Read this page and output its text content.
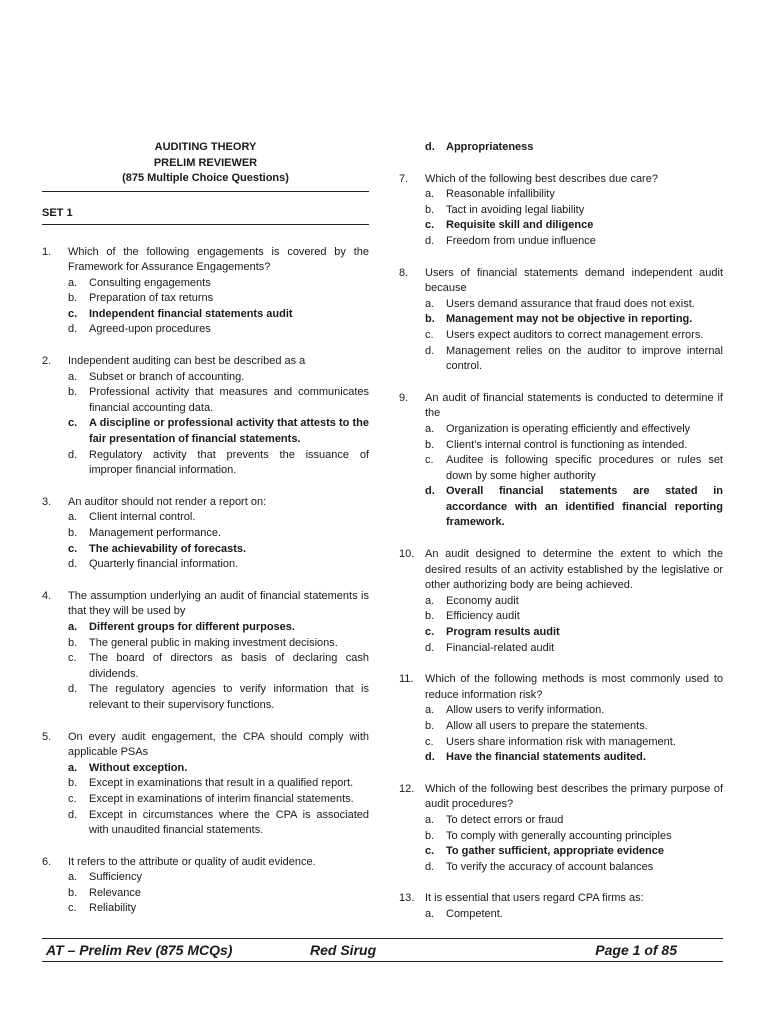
AUDITING THEORY
PRELIM REVIEWER
(875 Multiple Choice Questions)
SET 1
1. Which of the following engagements is covered by the Framework for Assurance Engagements?
a. Consulting engagements
b. Preparation of tax returns
c. Independent financial statements audit
d. Agreed-upon procedures
2. Independent auditing can best be described as a
a. Subset or branch of accounting.
b. Professional activity that measures and communicates financial accounting data.
c. A discipline or professional activity that attests to the fair presentation of financial statements.
d. Regulatory activity that prevents the issuance of improper financial information.
3. An auditor should not render a report on:
a. Client internal control.
b. Management performance.
c. The achievability of forecasts.
d. Quarterly financial information.
4. The assumption underlying an audit of financial statements is that they will be used by
a. Different groups for different purposes.
b. The general public in making investment decisions.
c. The board of directors as basis of declaring cash dividends.
d. The regulatory agencies to verify information that is relevant to their supervisory functions.
5. On every audit engagement, the CPA should comply with applicable PSAs
a. Without exception.
b. Except in examinations that result in a qualified report.
c. Except in examinations of interim financial statements.
d. Except in circumstances where the CPA is associated with unaudited financial statements.
6. It refers to the attribute or quality of audit evidence.
a. Sufficiency
b. Relevance
c. Reliability
d. Appropriateness
7. Which of the following best describes due care?
a. Reasonable infallibility
b. Tact in avoiding legal liability
c. Requisite skill and diligence
d. Freedom from undue influence
8. Users of financial statements demand independent audit because
a. Users demand assurance that fraud does not exist.
b. Management may not be objective in reporting.
c. Users expect auditors to correct management errors.
d. Management relies on the auditor to improve internal control.
9. An audit of financial statements is conducted to determine if the
a. Organization is operating efficiently and effectively
b. Client’s internal control is functioning as intended.
c. Auditee is following specific procedures or rules set down by some higher authority
d. Overall financial statements are stated in accordance with an identified financial reporting framework.
10. An audit designed to determine the extent to which the desired results of an activity established by the legislative or other authorizing body are being achieved.
a. Economy audit
b. Efficiency audit
c. Program results audit
d. Financial-related audit
11. Which of the following methods is most commonly used to reduce information risk?
a. Allow users to verify information.
b. Allow all users to prepare the statements.
c. Users share information risk with management.
d. Have the financial statements audited.
12. Which of the following best describes the primary purpose of audit procedures?
a. To detect errors or fraud
b. To comply with generally accounting principles
c. To gather sufficient, appropriate evidence
d. To verify the accuracy of account balances
13. It is essential that users regard CPA firms as:
a. Competent.
AT – Prelim Rev (875 MCQs)	Red Sirug	Page 1 of 85
